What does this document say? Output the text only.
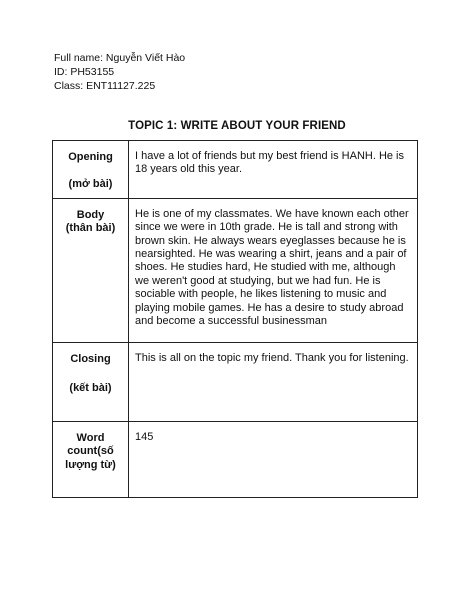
Full name: Nguyễn Viết Hào
ID: PH53155
Class: ENT11127.225
TOPIC 1: WRITE ABOUT YOUR FRIEND
Opening
(mở bài)	I have a lot of friends but my best friend is HANH. He is 18 years old this year.

Body
(thân bài)	He is one of my classmates. We have known each other since we were in 10th grade. He is tall and strong with brown skin. He always wears eyeglasses because he is nearsighted. He was wearing a shirt, jeans and a pair of shoes. He studies hard, He studied with me, although we weren't good at studying, but we had fun. He is sociable with people, he likes listening to music and playing mobile games. He has a desire to study abroad and become a successful businessman

Closing
(kết bài)	This is all on the topic my friend. Thank you for listening.
Word count(số lượng từ)	145
